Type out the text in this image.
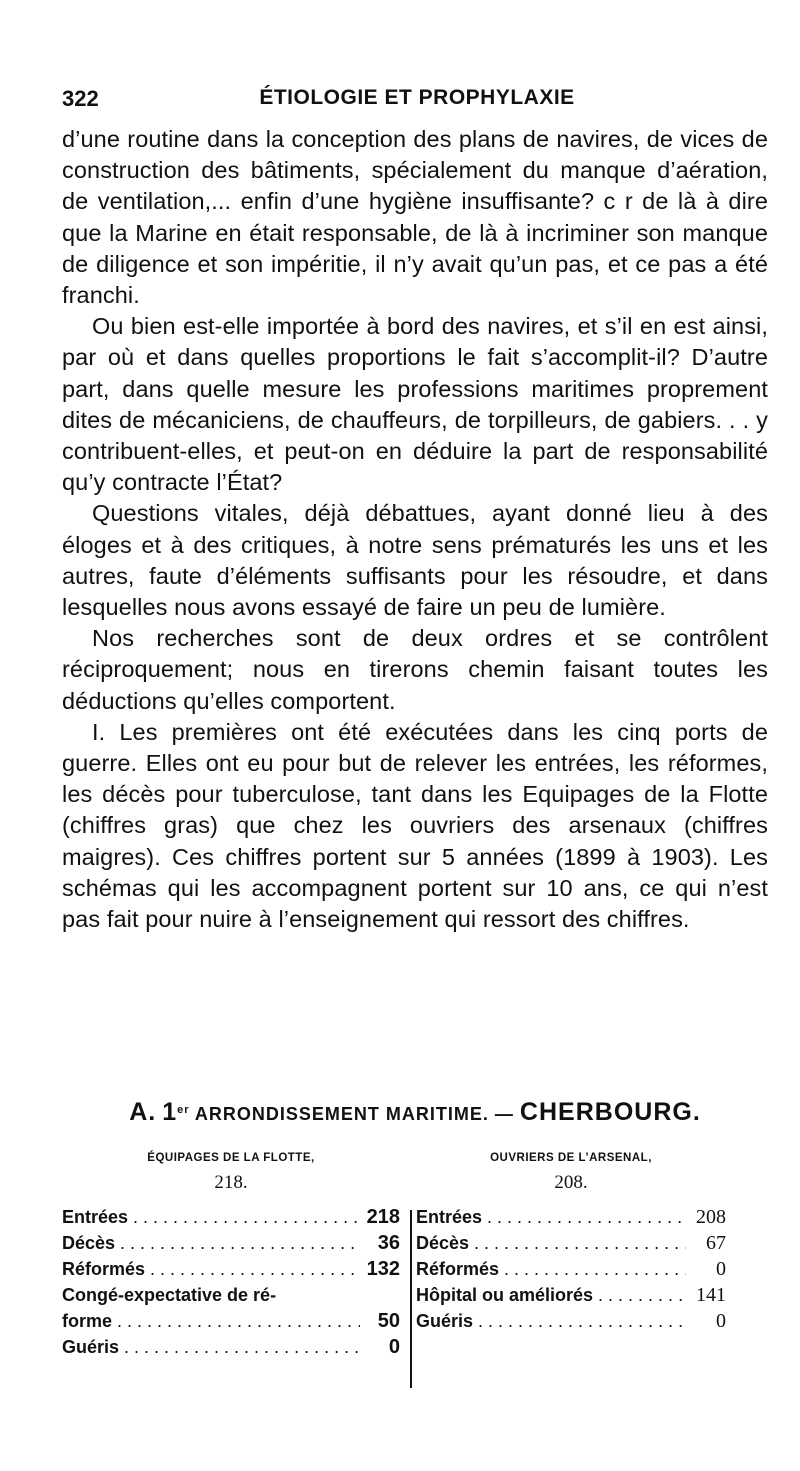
322	ÉTIOLOGIE ET PROPHYLAXIE

d’une routine dans la conception des plans de navires, de vices de construction des bâtiments, spécialement du manque d’aération, de ventilation,... enfin d’une hygiène insuffisante? c r de là à dire que la Marine en était responsable, de là à incriminer son manque de diligence et son impéritie, il n’y avait qu’un pas, et ce pas a été franchi.

Ou bien est-elle importée à bord des navires, et s’il en est ainsi, par où et dans quelles proportions le fait s’accomplit-il? D’autre part, dans quelle mesure les professions maritimes proprement dites de mécaniciens, de chauffeurs, de torpilleurs, de gabiers. . . y contribuent-elles, et peut-on en déduire la part de responsabilité qu’y contracte l’État?

Questions vitales, déjà débattues, ayant donné lieu à des éloges et à des critiques, à notre sens prématurés les uns et les autres, faute d’éléments suffisants pour les résoudre, et dans lesquelles nous avons essayé de faire un peu de lumière.

Nos recherches sont de deux ordres et se contrôlent réciproquement; nous en tirerons chemin faisant toutes les déductions qu’elles comportent.

I. Les premières ont été exécutées dans les cinq ports de guerre. Elles ont eu pour but de relever les entrées, les réformes, les décès pour tuberculose, tant dans les Equipages de la Flotte (chiffres gras) que chez les ouvriers des arsenaux (chiffres maigres). Ces chiffres portent sur 5 années (1899 à 1903). Les schémas qui les accompagnent portent sur 10 ans, ce qui n’est pas fait pour nuire à l’enseignement qui ressort des chiffres.

A. 1er ARRONDISSEMENT MARITIME. — CHERBOURG.
ÉQUIPAGES DE LA FLOTTE,
218.
Entrées . . .	218
Décès . . .	36
Réformés . . .	132
Congé-expectative de ré-
forme . . .	50
Guéris . . .	0
OUVRIERS DE L’ARSENAL,
208.
Entrées . . .	208
Décès . . .	67
Réformés . . .	0
Hôpital ou améliorés . . .	141
Guéris . . .	0
